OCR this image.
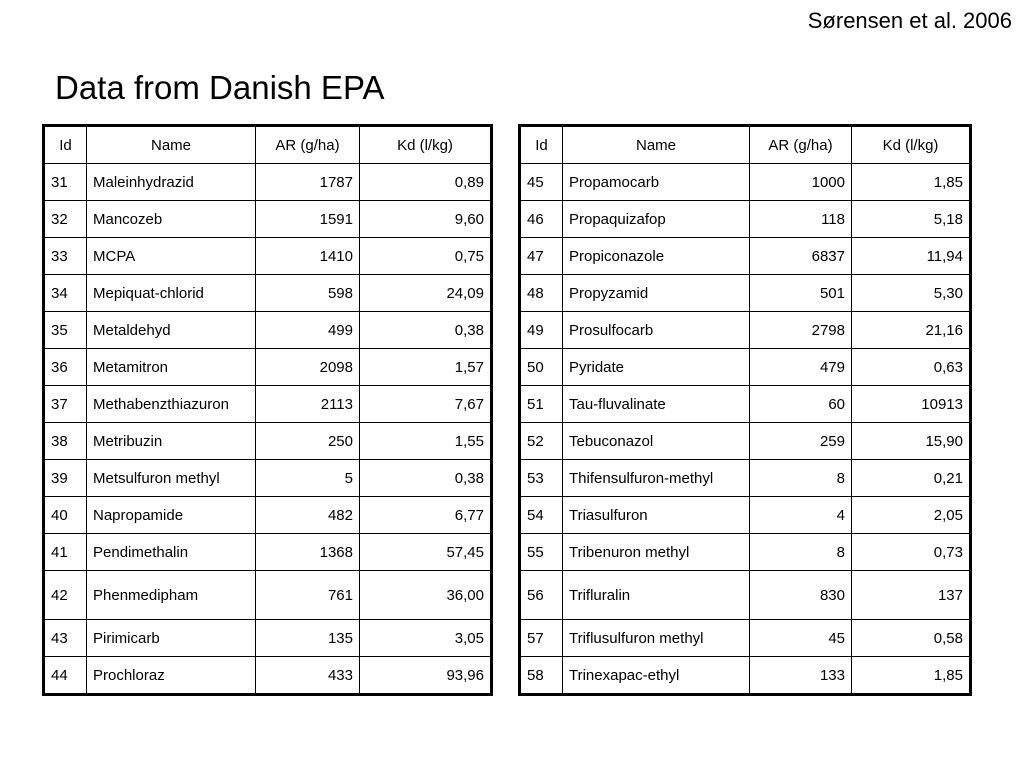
Sørensen et al. 2006
Data from Danish EPA
Id	Name	AR (g/ha)	Kd (l/kg)
31	Maleinhydrazid	1787	0,89
32	Mancozeb	1591	9,60
33	MCPA	1410	0,75
34	Mepiquat-chlorid	598	24,09
35	Metaldehyd	499	0,38
36	Metamitron	2098	1,57
37	Methabenzthiazuron	2113	7,67
38	Metribuzin	250	1,55
39	Metsulfuron methyl	5	0,38
40	Napropamide	482	6,77
41	Pendimethalin	1368	57,45
42	Phenmedipham	761	36,00
43	Pirimicarb	135	3,05
44	Prochloraz	433	93,96
Id	Name	AR (g/ha)	Kd (l/kg)
45	Propamocarb	1000	1,85
46	Propaquizafop	118	5,18
47	Propiconazole	6837	11,94
48	Propyzamid	501	5,30
49	Prosulfocarb	2798	21,16
50	Pyridate	479	0,63
51	Tau-fluvalinate	60	10913
52	Tebuconazol	259	15,90
53	Thifensulfuron-methyl	8	0,21
54	Triasulfuron	4	2,05
55	Tribenuron methyl	8	0,73
56	Trifluralin	830	137
57	Triflusulfuron methyl	45	0,58
58	Trinexapac-ethyl	133	1,85
